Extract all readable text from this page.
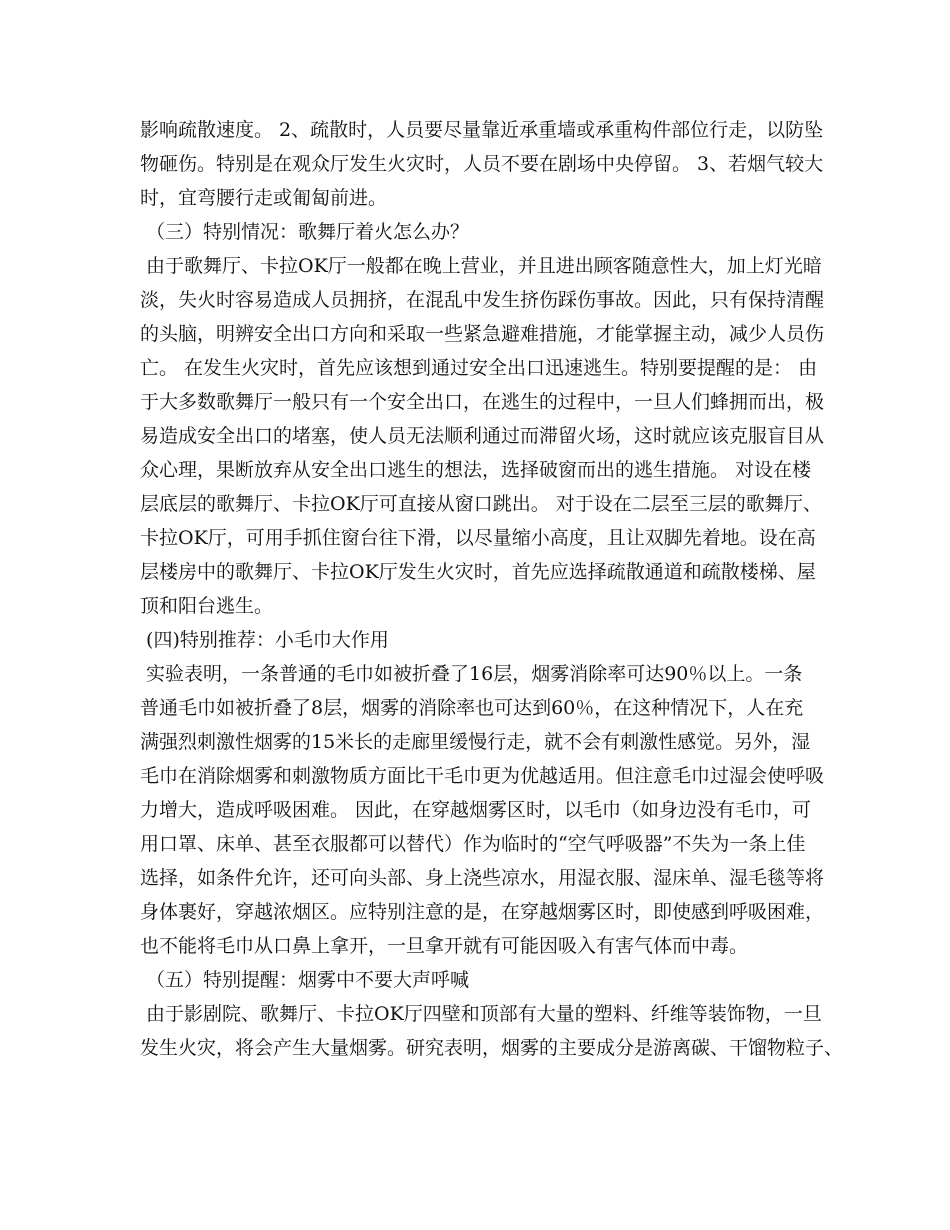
影响疏散速度。 2、疏散时，人员要尽量靠近承重墙或承重构件部位行走，以防坠
物砸伤。特别是在观众厅发生火灾时，人员不要在剧场中央停留。 3、若烟气较大
时，宜弯腰行走或匍匐前进。
（三）特别情况：歌舞厅着火怎么办？
由于歌舞厅、卡拉OK厅一般都在晚上营业，并且进出顾客随意性大，加上灯光暗
淡，失火时容易造成人员拥挤，在混乱中发生挤伤踩伤事故。因此，只有保持清醒
的头脑，明辨安全出口方向和采取一些紧急避难措施，才能掌握主动，减少人员伤
亡。 在发生火灾时，首先应该想到通过安全出口迅速逃生。特别要提醒的是： 由
于大多数歌舞厅一般只有一个安全出口，在逃生的过程中，一旦人们蜂拥而出，极
易造成安全出口的堵塞，使人员无法顺利通过而滞留火场，这时就应该克服盲目从
众心理，果断放弃从安全出口逃生的想法，选择破窗而出的逃生措施。 对设在楼
层底层的歌舞厅、卡拉OK厅可直接从窗口跳出。 对于设在二层至三层的歌舞厅、
卡拉OK厅，可用手抓住窗台往下滑，以尽量缩小高度，且让双脚先着地。设在高
层楼房中的歌舞厅、卡拉OK厅发生火灾时，首先应选择疏散通道和疏散楼梯、屋
顶和阳台逃生。
(四)特别推荐：小毛巾大作用
实验表明，一条普通的毛巾如被折叠了16层，烟雾消除率可达90％以上。一条
普通毛巾如被折叠了8层，烟雾的消除率也可达到60％，在这种情况下，人在充
满强烈刺激性烟雾的15米长的走廊里缓慢行走，就不会有刺激性感觉。另外，湿
毛巾在消除烟雾和刺激物质方面比干毛巾更为优越适用。但注意毛巾过湿会使呼吸
力增大，造成呼吸困难。 因此，在穿越烟雾区时，以毛巾（如身边没有毛巾，可
用口罩、床单、甚至衣服都可以替代）作为临时的“空气呼吸器”不失为一条上佳
选择，如条件允许，还可向头部、身上浇些凉水，用湿衣服、湿床单、湿毛毯等将
身体裹好，穿越浓烟区。应特别注意的是，在穿越烟雾区时，即使感到呼吸困难，
也不能将毛巾从口鼻上拿开，一旦拿开就有可能因吸入有害气体而中毒。
（五）特别提醒：烟雾中不要大声呼喊
由于影剧院、歌舞厅、卡拉OK厅四壁和顶部有大量的塑料、纤维等装饰物，一旦
发生火灾，将会产生大量烟雾。研究表明，烟雾的主要成分是游离碳、干馏物粒子、
